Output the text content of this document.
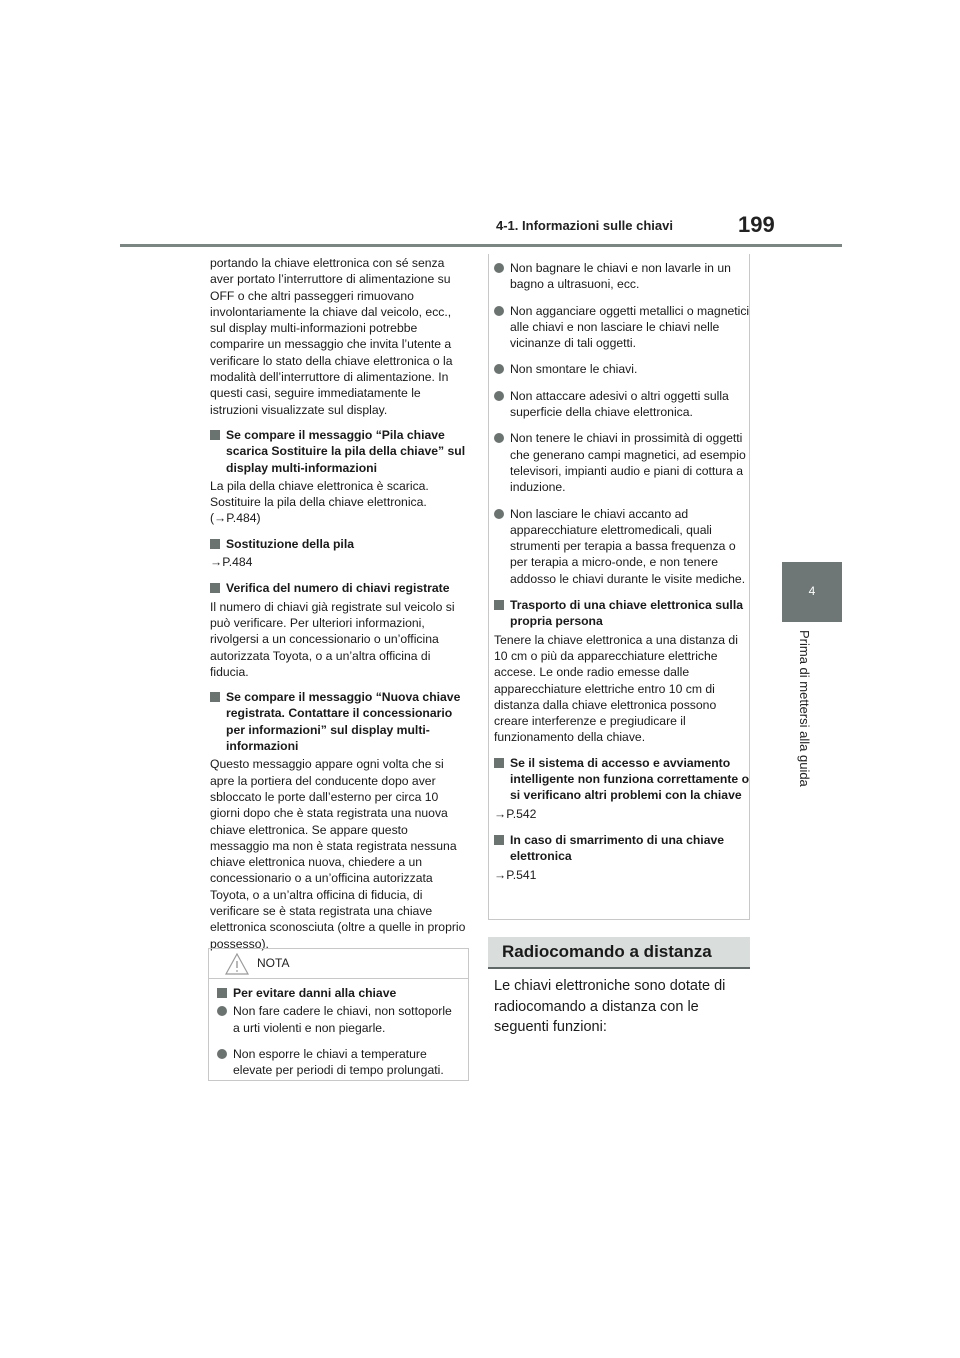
4-1. Informazioni sulle chiavi	199
4
Prima di mettersi alla guida

portando la chiave elettronica con sé senza aver portato l’interruttore di alimentazione su OFF o che altri passeggeri rimuovano involontariamente la chiave dal veicolo, ecc., sul display multi-informazioni potrebbe comparire un messaggio che invita l’utente a verificare lo stato della chiave elettronica o la modalità dell’interruttore di alimentazione. In questi casi, seguire immediatamente le istruzioni visualizzate sul display.

Se compare il messaggio “Pila chiave scarica Sostituire la pila della chiave” sul display multi-informazioni

La pila della chiave elettronica è scarica. Sostituire la pila della chiave elettronica. (→P.484)

Sostituzione della pila

→P.484

Verifica del numero di chiavi registrate

Il numero di chiavi già registrate sul veicolo si può verificare. Per ulteriori informazioni, rivolgersi a un concessionario o un’officina autorizzata Toyota, o a un’altra officina di fiducia.

Se compare il messaggio “Nuova chiave registrata. Contattare il concessionario per informazioni” sul display multi-informazioni

Questo messaggio appare ogni volta che si apre la portiera del conducente dopo aver sbloccato le porte dall’esterno per circa 10 giorni dopo che è stata registrata una nuova chiave elettronica. Se appare questo messaggio ma non è stata registrata nessuna chiave elettronica nuova, chiedere a un concessionario o a un’officina autorizzata Toyota, o a un’altra officina di fiducia, di verificare se è stata registrata una chiave elettronica sconosciuta (oltre a quelle in proprio possesso).

NOTA
Per evitare danni alla chiave
Non fare cadere le chiavi, non sottoporle a urti violenti e non piegarle.
Non esporre le chiavi a temperature elevate per periodi di tempo prolungati.
Non bagnare le chiavi e non lavarle in un bagno a ultrasuoni, ecc.
Non agganciare oggetti metallici o magnetici alle chiavi e non lasciare le chiavi nelle vicinanze di tali oggetti.
Non smontare le chiavi.
Non attaccare adesivi o altri oggetti sulla superficie della chiave elettronica.
Non tenere le chiavi in prossimità di oggetti che generano campi magnetici, ad esempio televisori, impianti audio e piani di cottura a induzione.
Non lasciare le chiavi accanto ad apparecchiature elettromedicali, quali strumenti per terapia a bassa frequenza o per terapia a micro-onde, e non tenere addosso le chiavi durante le visite mediche.
Trasporto di una chiave elettronica sulla propria persona

Tenere la chiave elettronica a una distanza di 10 cm o più da apparecchiature elettriche accese. Le onde radio emesse dalle apparecchiature elettriche entro 10 cm di distanza dalla chiave elettronica possono creare interferenze e pregiudicare il funzionamento della chiave.

Se il sistema di accesso e avviamento intelligente non funziona correttamente o si verificano altri problemi con la chiave

→P.542

In caso di smarrimento di una chiave elettronica

→P.541

Radiocomando a distanza

Le chiavi elettroniche sono dotate di radiocomando a distanza con le seguenti funzioni:
